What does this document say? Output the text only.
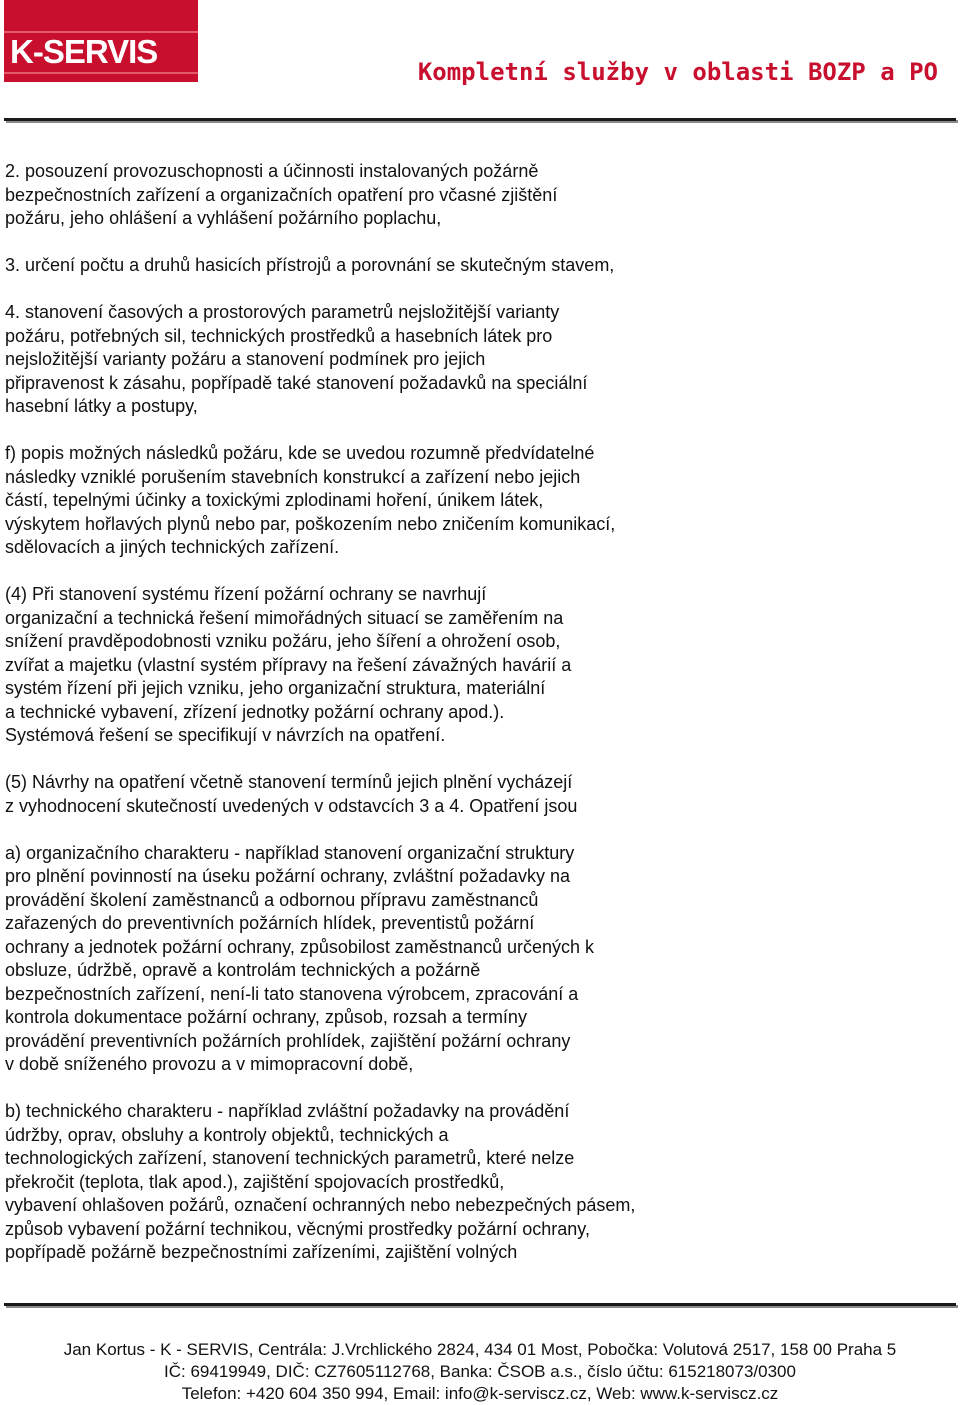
K-SERVIS
Kompletní služby v oblasti BOZP a PO

2. posouzení provozuschopnosti a účinnosti instalovaných požárně
bezpečnostních zařízení a organizačních opatření pro včasné zjištění
požáru, jeho ohlášení a vyhlášení požárního poplachu,

3. určení počtu a druhů hasicích přístrojů a porovnání se skutečným stavem,

4. stanovení časových a prostorových parametrů nejsložitější varianty
požáru, potřebných sil, technických prostředků a hasebních látek pro
nejsložitější varianty požáru a stanovení podmínek pro jejich
připravenost k zásahu, popřípadě také stanovení požadavků na speciální
hasební látky a postupy,

f) popis možných následků požáru, kde se uvedou rozumně předvídatelné
následky vzniklé porušením stavebních konstrukcí a zařízení nebo jejich
částí, tepelnými účinky a toxickými zplodinami hoření, únikem látek,
výskytem hořlavých plynů nebo par, poškozením nebo zničením komunikací,
sdělovacích a jiných technických zařízení.

(4) Při stanovení systému řízení požární ochrany se navrhují
organizační a technická řešení mimořádných situací se zaměřením na
snížení pravděpodobnosti vzniku požáru, jeho šíření a ohrožení osob,
zvířat a majetku (vlastní systém přípravy na řešení závažných havárií a
systém řízení při jejich vzniku, jeho organizační struktura, materiální
a technické vybavení, zřízení jednotky požární ochrany apod.).
Systémová řešení se specifikují v návrzích na opatření.

(5) Návrhy na opatření včetně stanovení termínů jejich plnění vycházejí
z vyhodnocení skutečností uvedených v odstavcích 3 a 4. Opatření jsou

a) organizačního charakteru - například stanovení organizační struktury
pro plnění povinností na úseku požární ochrany, zvláštní požadavky na
provádění školení zaměstnanců a odbornou přípravu zaměstnanců
zařazených do preventivních požárních hlídek, preventistů požární
ochrany a jednotek požární ochrany, způsobilost zaměstnanců určených k
obsluze, údržbě, opravě a kontrolám technických a požárně
bezpečnostních zařízení, není-li tato stanovena výrobcem, zpracování a
kontrola dokumentace požární ochrany, způsob, rozsah a termíny
provádění preventivních požárních prohlídek, zajištění požární ochrany
v době sníženého provozu a v mimopracovní době,

b) technického charakteru - například zvláštní požadavky na provádění
údržby, oprav, obsluhy a kontroly objektů, technických a
technologických zařízení, stanovení technických parametrů, které nelze
překročit (teplota, tlak apod.), zajištění spojovacích prostředků,
vybavení ohlašoven požárů, označení ochranných nebo nebezpečných pásem,
způsob vybavení požární technikou, věcnými prostředky požární ochrany,
popřípadě požárně bezpečnostními zařízeními, zajištění volných

Jan Kortus - K - SERVIS, Centrála: J.Vrchlického 2824, 434 01 Most, Pobočka: Volutová 2517, 158 00 Praha 5
IČ: 69419949, DIČ: CZ7605112768, Banka: ČSOB a.s., číslo účtu: 615218073/0300
Telefon: +420 604 350 994, Email: info@k-serviscz.cz, Web: www.k-serviscz.cz
